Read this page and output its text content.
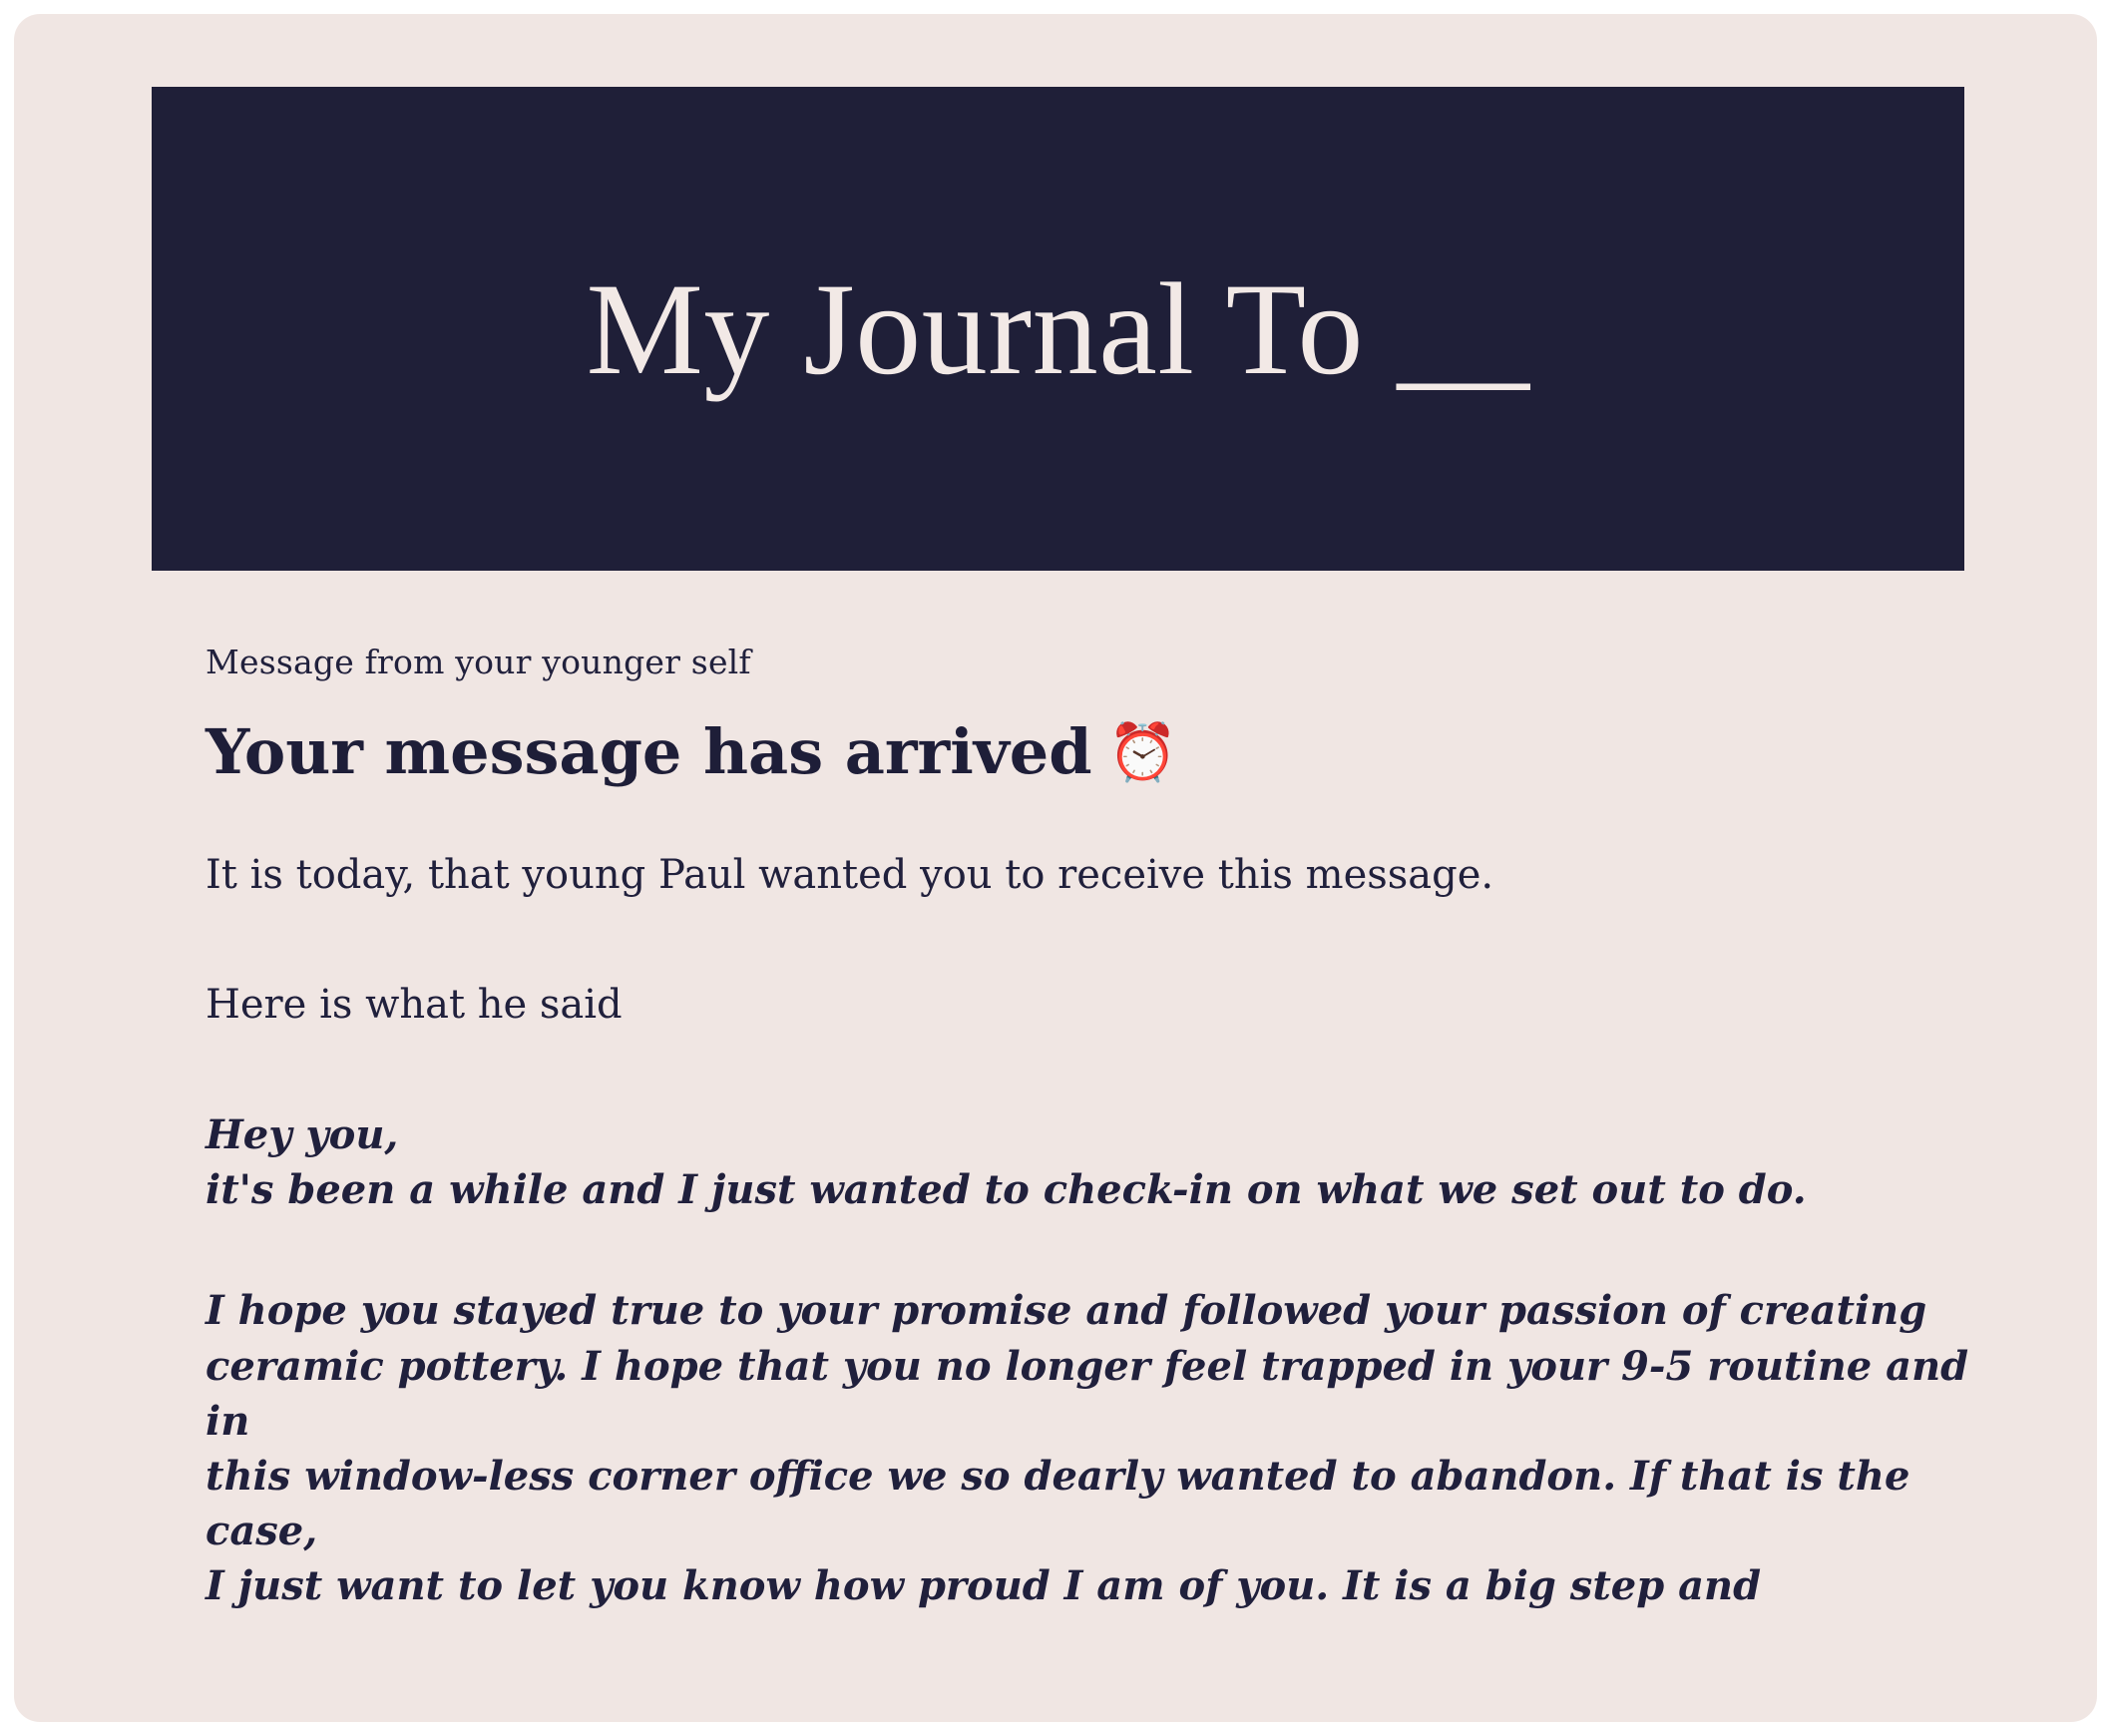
My Journal To __

Message from your younger self

Your message has arrived ⏰

It is today, that young Paul wanted you to receive this message.

Here is what he said

Hey you,
it's been a while and I just wanted to check-in on what we set out to do.
I hope you stayed true to your promise and followed your passion of creating
ceramic pottery. I hope that you no longer feel trapped in your 9-5 routine and in
this window-less corner office we so dearly wanted to abandon. If that is the case,
I just want to let you know how proud I am of you. It is a big step and
